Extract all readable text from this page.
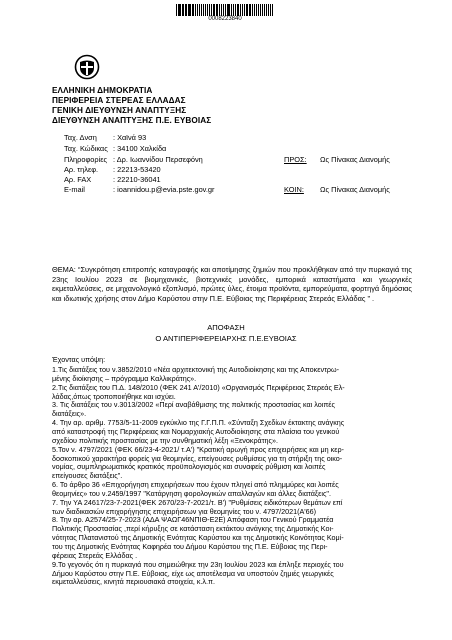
0008223840
ΕΛΛΗΝΙΚΗ ΔΗΜΟΚΡΑΤΙΑ
ΠΕΡΙΦΕΡΕΙΑ ΣΤΕΡΕΑΣ ΕΛΛΑΔΑΣ
ΓΕΝΙΚΗ ΔΙΕΥΘΥΝΣΗ ΑΝΑΠΤΥΞΗΣ
ΔΙΕΥΘΥΝΣΗ ΑΝΑΠΤΥΞΗΣ Π.Ε. ΕΥΒΟΙΑΣ
Ταχ. Δνση : Χαϊνά 93
Ταχ. Κώδικας : 34100 Χαλκίδα
Πληροφορίες : Δρ. Ιωαννίδου Περσεφόνη
Αρ. τηλεφ. : 22213-53420
Αρ. FAX	: 22210-36041
E-mail	: ioannidou.p@evia.pste.gov.gr
ΠΡΟΣ: Ως Πίνακας Διανομής
ΚΟΙΝ: Ως Πίνακας Διανομής
ΘΕΜΑ: “Συγκρότηση επιτροπής καταγραφής και αποτίμησης ζημιών που προκλήθηκαν από την πυρκαγιά της 23ης Ιουλίου 2023 σε βιομηχανικές, βιοτεχνικές μονάδες, εμπορικά καταστήματα και γεωργικές εκμεταλλεύσεις, σε μηχανολογικό εξοπλισμό, πρώτες ύλες, έτοιμα προϊόντα, εμπορεύματα, φορτηγά δημόσιας και ιδιωτικής χρήσης στον Δήμο Καρύστου στην Π.Ε. Εύβοιας της Περιφέρειας Στερεάς Ελλάδας ” .
ΑΠΟΦΑΣΗ
Ο ΑΝΤΙΠΕΡΙΦΕΡΕΙΑΡΧΗΣ Π.Ε.ΕΥΒΟΙΑΣ
Έχοντας υπόψη:
1.Τις διατάξεις του ν.3852/2010 «Νέα αρχιτεκτονική της Αυτοδιοίκησης και της Αποκεντρω-
μένης διοίκησης – πρόγραμμα Καλλικράτης».
2.Τις διατάξεις του Π.Δ. 148/2010 (ΦΕΚ 241 Α'/2010) «Οργανισμός Περιφέρειας Στερεάς Ελ-
λάδας,όπως τροποποιήθηκε και ισχύει.
3. Τις διατάξεις του ν.3013/2002 «Περί αναβάθμισης της πολιτικής προστασίας και λοιπές
διατάξεις».
4. Την αρ. αριθμ. 7753/5-11-2009 εγκύκλιο της Γ.Γ.Π.Π. «Σύνταξη Σχεδίων έκτακτης ανάγκης
από καταστροφή της Περιφέρειας και Νομαρχιακής Αυτοδιοίκησης στα πλαίσια του γενικού
σχεδίου πολιτικής προστασίας με την συνθηματική λέξη «Ξενοκράτης».
5.Τον ν. 4797/2021 (ΦΕΚ 66/23-4-2021/ τ.Α') "Κρατική αρωγή προς επιχειρήσεις και μη κερ-
δοσκοπικού χαρακτήρα φορείς για θεομηνίες, επείγουσες ρυθμίσεις για τη στήριξη της οικο-
νομίας, συμπληρωματικός κρατικός προϋπολογισμός και συναφείς ρύθμιση και λοιπές
επείγουσες διατάξεις".
6. Το άρθρο 36 «Επιχορήγηση επιχειρήσεων που έχουν πληγεί από πλημμύρες και λοιπές
θεομηνίες» του ν.2459/1997 "Κατάργηση φορολογικών απαλλαγών και άλλες διατάξεις".
7. Την ΥΑ 24617/23-7-2021(ΦΕΚ 2670/23-7-2021/τ. Β') "Ρυθμίσεις ειδικότερων θεμάτων επί
των διαδικασιών επιχορήγησης επιχειρήσεων για θεομηνίες του ν. 4797/2021(Α'66)
8. Την αρ. Α2574/25-7-2023 (ΑΔΑ ΨΑΩΓ46ΝΠΙΘ-Ε2Ε) Απόφαση του Γενικού Γραμματέα
Πολιτικής Προστασίας ,περί κήρυξης σε κατάσταση εκτάκτου ανάγκης της Δημοτικής Κοι-
νότητας Πλατανιστού της Δημοτικής Ενότητας Καρύστου και της Δημοτικής Κοινότητας Κομί-
του της Δημοτικής Ενότητας Καφηρέα του Δήμου Καρύστου της Π.Ε. Εύβοιας της Περι-
φέρειας Στερεάς Ελλάδας .
9.Το γεγονός ότι η πυρκαγιά που σημειώθηκε την 23η Ιουλίου 2023 και έπληξε περιοχές του
Δήμου Καρύστου στην Π.Ε. Εύβοιας, είχε ως αποτέλεσμα να υποστούν ζημιές γεωργικές
εκμεταλλεύσεις, κινητά περιουσιακά στοιχεία, κ.λ.π.
